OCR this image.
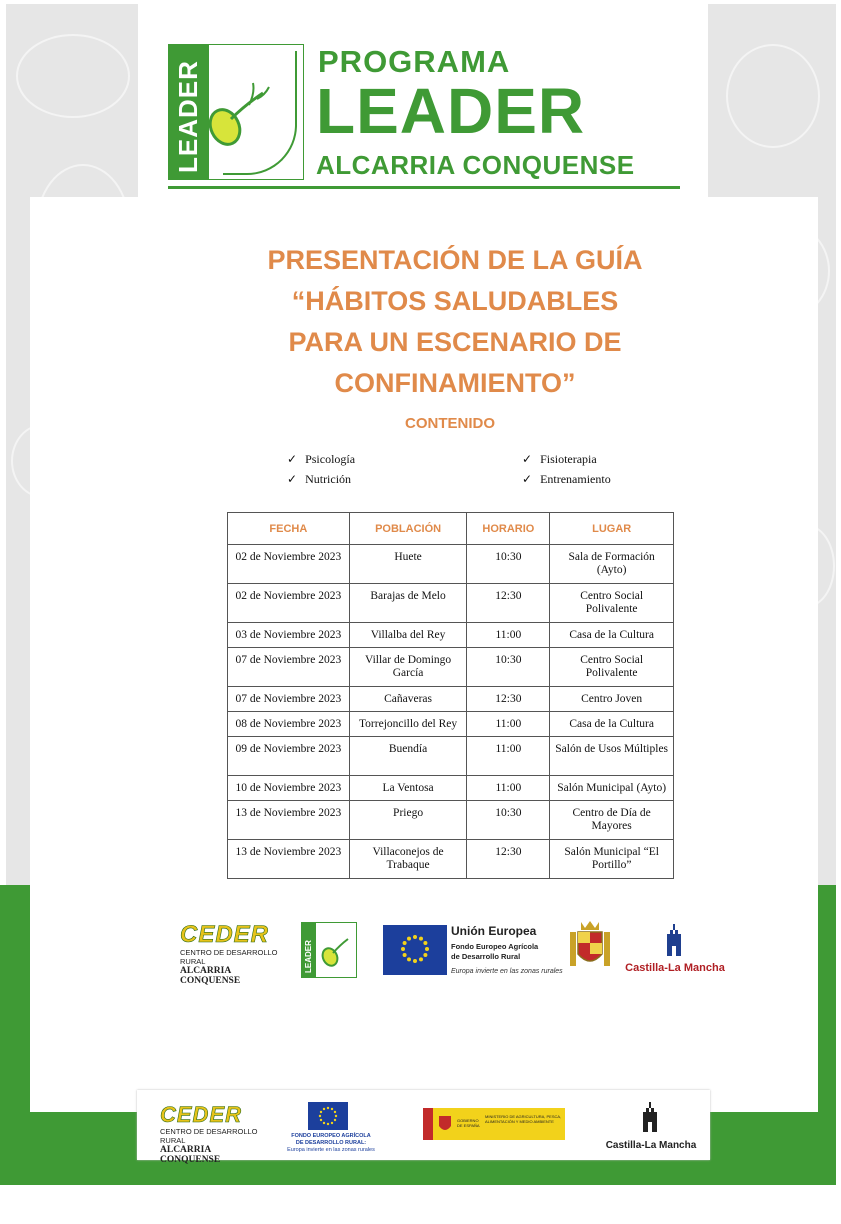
LEADER	PROGRAMA
LEADER
ALCARRIA CONQUENSE
PRESENTACIÓN DE LA GUÍA
“HÁBITOS SALUDABLES
PARA UN ESCENARIO DE
CONFINAMIENTO”
CONTENIDO
✓ Psicología
✓ Nutrición
✓ Fisioterapia
✓ Entrenamiento
FECHA	POBLACIÓN	HORARIO	LUGAR
02 de Noviembre 2023	Huete	10:30	Sala de Formación (Ayto)
02 de Noviembre 2023	Barajas de Melo	12:30	Centro Social Polivalente
03 de Noviembre 2023	Villalba del Rey	11:00	Casa de la Cultura
07 de Noviembre 2023	Villar de Domingo García	10:30	Centro Social Polivalente
07 de Noviembre 2023	Cañaveras	12:30	Centro Joven
08 de Noviembre 2023	Torrejoncillo del Rey	11:00	Casa de la Cultura
09 de Noviembre 2023	Buendía	11:00	Salón de Usos Múltiples
10 de Noviembre 2023	La Ventosa	11:00	Salón Municipal (Ayto)
13 de Noviembre 2023	Priego	10:30	Centro de Día de Mayores
13 de Noviembre 2023	Villaconejos de Trabaque	12:30	Salón Municipal “El Portillo”
CEDER
CENTRO DE DESARROLLO RURAL
ALCARRIA CONQUENSE
LEADER
Unión Europea
Fondo Europeo Agrícola
de Desarrollo Rural
Europa invierte en las zonas rurales	Castilla-La Mancha
CEDER
CENTRO DE DESARROLLO RURAL
ALCARRIA CONQUENSE
FONDO EUROPEO AGRÍCOLA
DE DESARROLLO RURAL:
Europa invierte en las zonas rurales
GOBIERNO DE ESPAÑA
MINISTERIO DE AGRICULTURA, PESCA, ALIMENTACIÓN Y MEDIO AMBIENTE
Castilla-La Mancha
